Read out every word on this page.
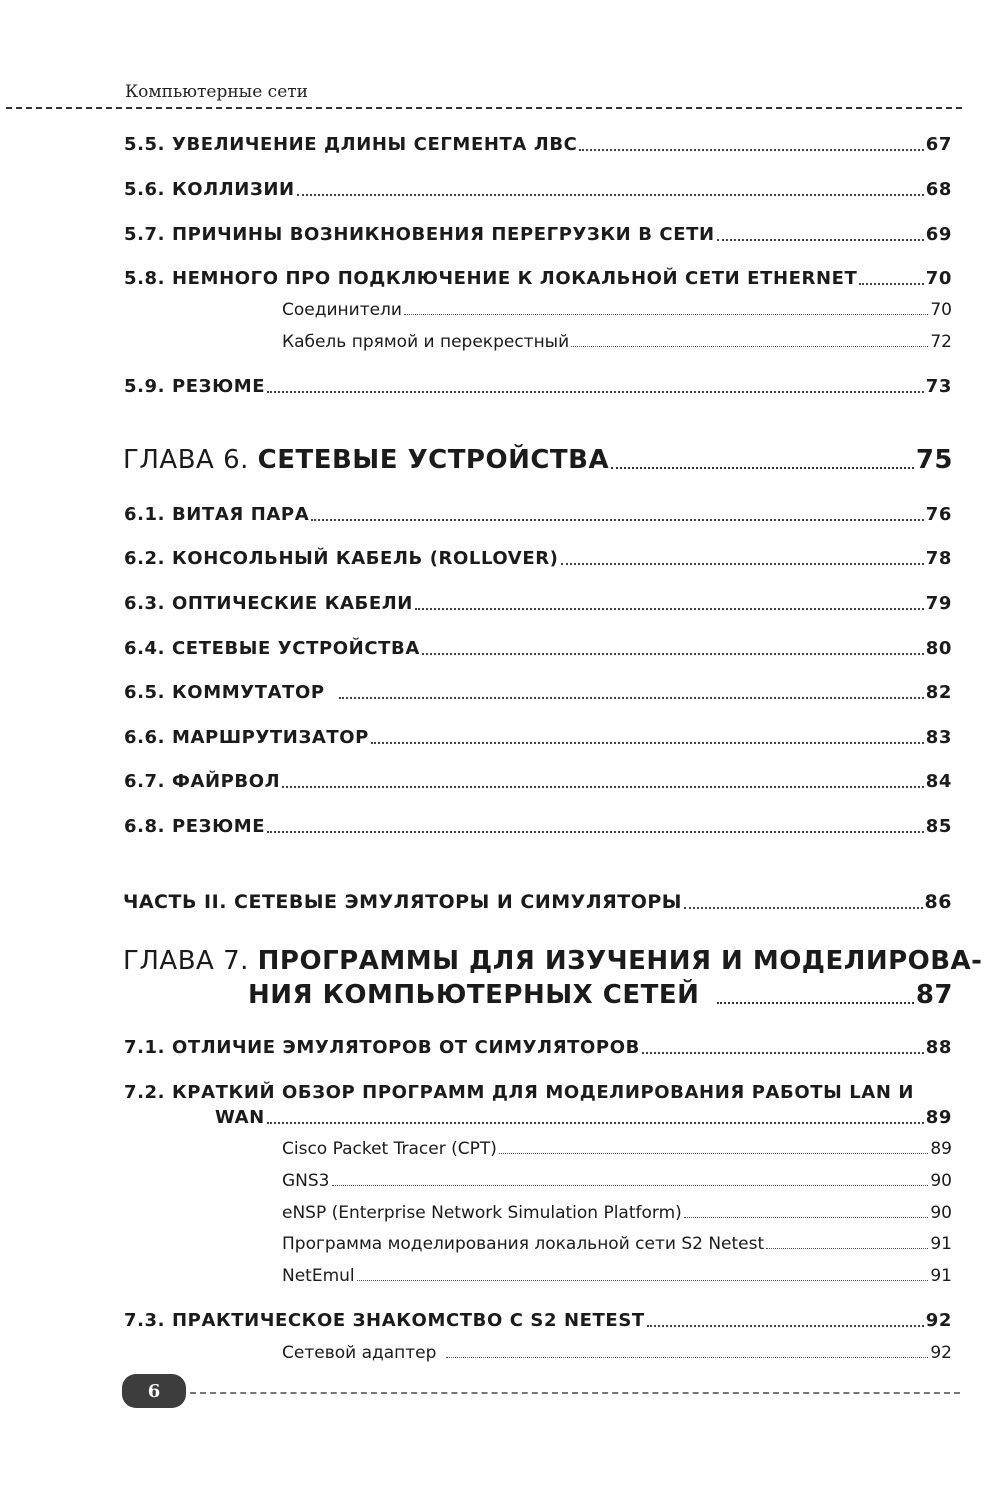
Компьютерные сети
5.5. УВЕЛИЧЕНИЕ ДЛИНЫ СЕГМЕНТА ЛВС	67
5.6. КОЛЛИЗИИ	68
5.7. ПРИЧИНЫ ВОЗНИКНОВЕНИЯ ПЕРЕГРУЗКИ В СЕТИ	69
5.8. НЕМНОГО ПРО ПОДКЛЮЧЕНИЕ К ЛОКАЛЬНОЙ СЕТИ ETHERNET	70
Соединители	70
Кабель прямой и перекрестный	72
5.9. РЕЗЮМЕ	73
ГЛАВА 6. СЕТЕВЫЕ УСТРОЙСТВА	75
6.1. ВИТАЯ ПАРА	76
6.2. КОНСОЛЬНЫЙ КАБЕЛЬ (ROLLOVER)	78
6.3. ОПТИЧЕСКИЕ КАБЕЛИ	79
6.4. СЕТЕВЫЕ УСТРОЙСТВА	80
6.5. КОММУТАТОР	82
6.6. МАРШРУТИЗАТОР	83
6.7. ФАЙРВОЛ	84
6.8. РЕЗЮМЕ	85
ЧАСТЬ II. СЕТЕВЫЕ ЭМУЛЯТОРЫ И СИМУЛЯТОРЫ	86
ГЛАВА 7. ПРОГРАММЫ ДЛЯ ИЗУЧЕНИЯ И МОДЕЛИРОВА-
НИЯ КОМПЬЮТЕРНЫХ СЕТЕЙ	87
7.1. ОТЛИЧИЕ ЭМУЛЯТОРОВ ОТ СИМУЛЯТОРОВ	88
7.2. КРАТКИЙ ОБЗОР ПРОГРАММ ДЛЯ МОДЕЛИРОВАНИЯ РАБОТЫ LAN И
WAN	89
Cisco Packet Tracer (CPT)	89
GNS3	90
eNSP (Enterprise Network Simulation Platform)	90
Программа моделирования локальной сети S2 Netest	91
NetEmul	91
7.3. ПРАКТИЧЕСКОЕ ЗНАКОМСТВО С S2 NETEST	92
Сетевой адаптер	92
6
